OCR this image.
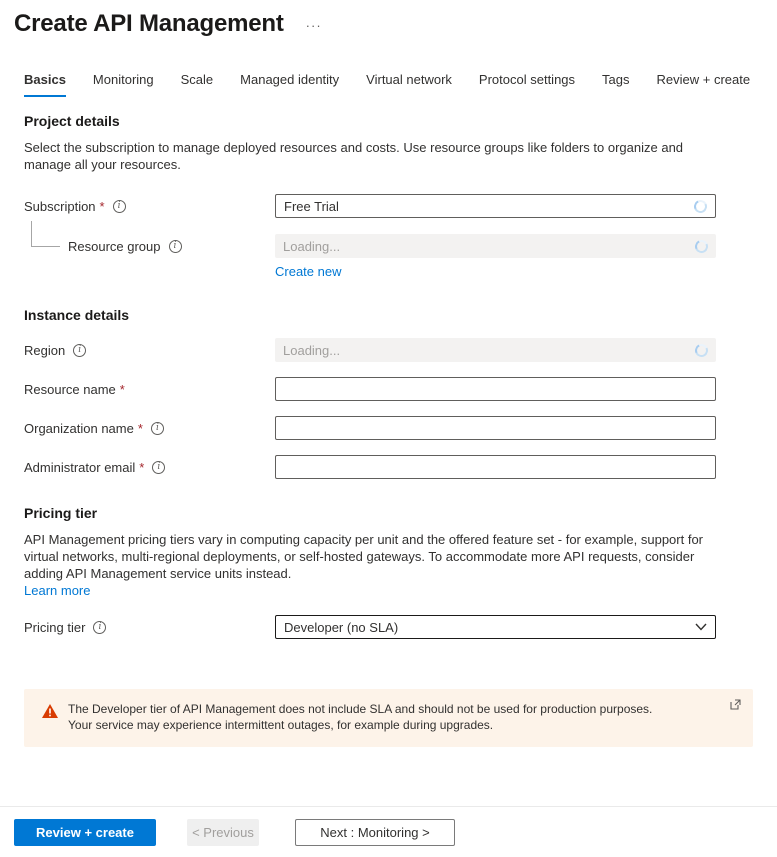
Create API Management ···
Basics Monitoring Scale Managed identity Virtual network Protocol settings Tags Review + create
Project details

Select the subscription to manage deployed resources and costs. Use resource groups like folders to organize and manage all your resources.

Subscription *	i	Free Trial
Resource group	i	Loading...
Create new
Instance details
Region	i	Loading...
Resource name *
Organization name *	i
Administrator email *	i
Pricing tier

API Management pricing tiers vary in computing capacity per unit and the offered feature set - for example, support for virtual networks, multi-regional deployments, or self-hosted gateways. To accommodate more API requests, consider adding API Management service units instead.

Learn more
Pricing tier	i	Developer (no SLA)
The Developer tier of API Management does not include SLA and should not be used for production purposes. Your service may experience intermittent outages, for example during upgrades.
Review + create	< Previous	Next : Monitoring >
